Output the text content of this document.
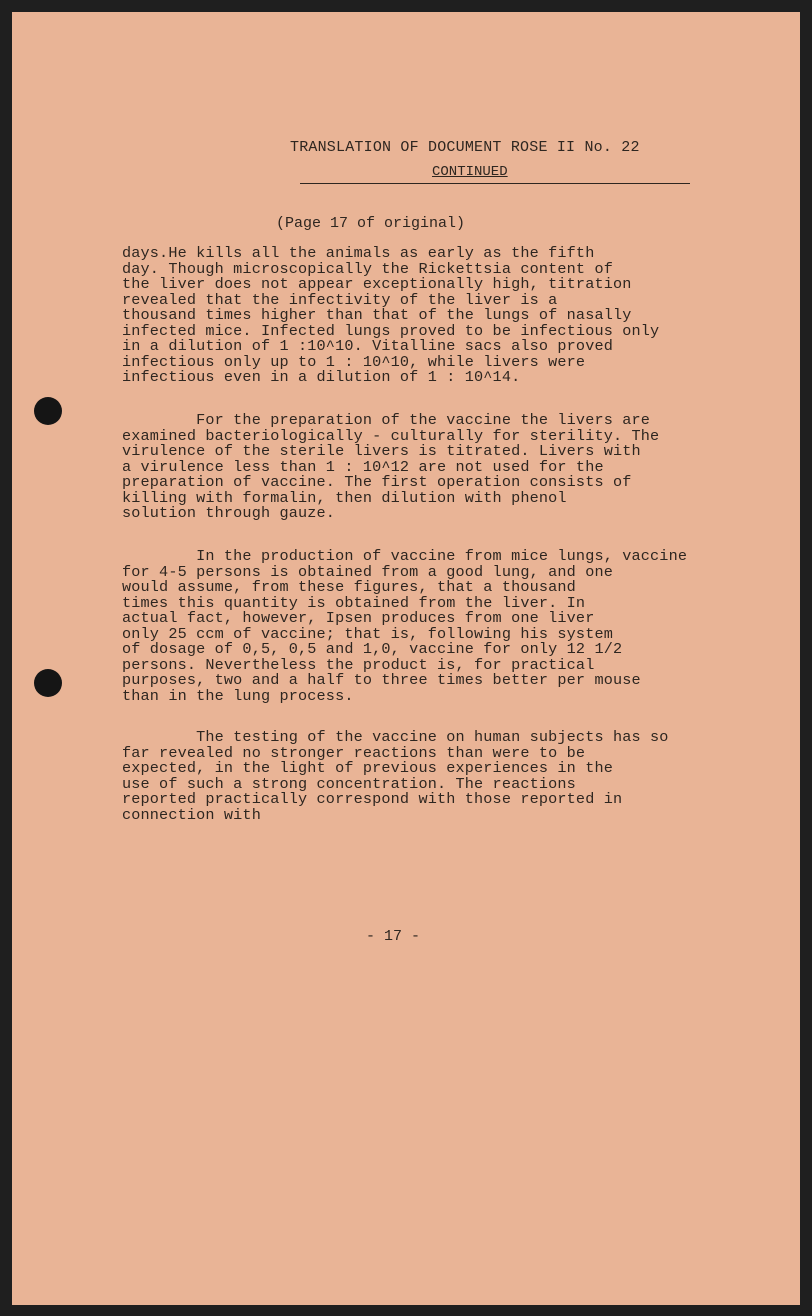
TRANSLATION OF DOCUMENT ROSE II No. 22
CONTINUED
(Page 17 of original)
days.He kills all the animals as early as the fifth
day. Though microscopically the Rickettsia content of
the liver does not appear exceptionally high, titration
revealed that the infectivity of the liver is a
thousand times higher than that of the lungs of nasally
infected mice. Infected lungs proved to be infectious only
in a dilution of 1 :10^10. Vitalline sacs also proved
infectious only up to 1 : 10^10, while livers were
infectious even in a dilution of 1 : 10^14.
For the preparation of the vaccine the livers are
examined bacteriologically - culturally for sterility. The
virulence of the sterile livers is titrated. Livers with
a virulence less than 1 : 10^12 are not used for the
preparation of vaccine. The first operation consists of
killing with formalin, then dilution with phenol
solution through gauze.
In the production of vaccine from mice lungs, vaccine
for 4-5 persons is obtained from a good lung, and one
would assume, from these figures, that a thousand
times this quantity is obtained from the liver. In
actual fact, however, Ipsen produces from one liver
only 25 ccm of vaccine; that is, following his system
of dosage of 0,5, 0,5 and 1,0, vaccine for only 12 1/2
persons. Nevertheless the product is, for practical
purposes, two and a half to three times better per mouse
than in the lung process.
The testing of the vaccine on human subjects has so
far revealed no stronger reactions than were to be
expected, in the light of previous experiences in the
use of such a strong concentration. The reactions
reported practically correspond with those reported in
connection with
- 17 -
